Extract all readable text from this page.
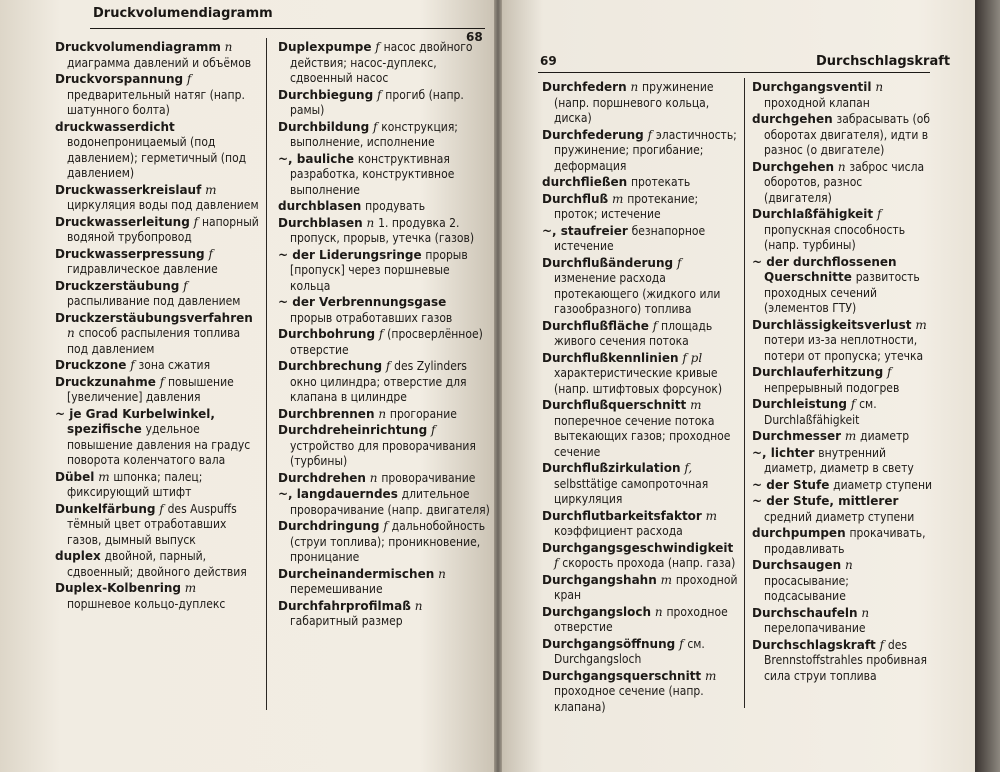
Druckvolumendiagramm
68
Druckvolumendiagramm n диаграмма давлений и объёмов
Druckvorspannung f предварительный натяг (напр. шатунного болта)
druckwasserdicht водонепроницаемый (под давлением); герметичный (под давлением)
Druckwasserkreislauf m циркуляция воды под давлением
Druckwasserleitung f напорный водяной трубопровод
Druckwasserpressung f гидравлическое давление
Druckzerstäubung f распыливание под давлением
Druckzerstäubungsverfahren n способ распыления топлива под давлением
Druckzone f зона сжатия
Druckzunahme f повышение [увеличение] давления
~ je Grad Kurbelwinkel, spezifische удельное повышение давления на градус поворота коленчатого вала
Dübel m шпонка; палец; фиксирующий штифт
Dunkelfärbung f des Auspuffs тёмный цвет отработавших газов, дымный выпуск
duplex двойной, парный, сдвоенный; двойного действия
Duplex-Kolbenring m поршневое кольцо-дуплекс
Duplexpumpe f насос двойного действия; насос-дуплекс, сдвоенный насос
Durchbiegung f прогиб (напр. рамы)
Durchbildung f конструкция; выполнение, исполнение
~, bauliche конструктивная разработка, конструктивное выполнение
durchblasen продувать
Durchblasen n 1. продувка 2. пропуск, прорыв, утечка (газов)
~ der Liderungsringe прорыв [пропуск] через поршневые кольца
~ der Verbrennungsgase прорыв отработавших газов
Durchbohrung f (просверлённое) отверстие
Durchbrechung f des Zylinders окно цилиндра; отверстие для клапана в цилиндре
Durchbrennen n прогорание
Durchdreheinrichtung f устройство для проворачивания (турбины)
Durchdrehen n проворачивание
~, langdauerndes длительное проворачивание (напр. двигателя)
Durchdringung f дальнобойность (струи топлива); проникновение, проницание
Durcheinandermischen n перемешивание
Durchfahrprofilmaß n габаритный размер
69	Durchschlagskraft
Durchfedern n пружинение (напр. поршневого кольца, диска)
Durchfederung f эластичность; пружинение; прогибание; деформация
durchfließen протекать
Durchfluß m протекание; проток; истечение
~, staufreier безнапорное истечение
Durchflußänderung f изменение расхода протекающего (жидкого или газообразного) топлива
Durchflußfläche f площадь живого сечения потока
Durchflußkennlinien f pl характеристические кривые (напр. штифтовых форсунок)
Durchflußquerschnitt m поперечное сечение потока вытекающих газов; проходное сечение
Durchflußzirkulation f, selbsttätige самопроточная циркуляция
Durchflutbarkeitsfaktor m коэффициент расхода
Durchgangsgeschwindigkeit f скорость прохода (напр. газа)
Durchgangshahn m проходной кран
Durchgangsloch n проходное отверстие
Durchgangsöffnung f см. Durchgangsloch
Durchgangsquerschnitt m проходное сечение (напр. клапана)
Durchgangsventil n проходной клапан
durchgehen забрасывать (об оборотах двигателя), идти в разнос (о двигателе)
Durchgehen n заброс числа оборотов, разнос (двигателя)
Durchlaßfähigkeit f пропускная способность (напр. турбины)
~ der durchflossenen Querschnitte развитость проходных сечений (элементов ГТУ)
Durchlässigkeitsverlust m потери из-за неплотности, потери от пропуска; утечка
Durchlauferhitzung f непрерывный подогрев
Durchleistung f см. Durchlaßfähigkeit
Durchmesser m диаметр
~, lichter внутренний диаметр, диаметр в свету
~ der Stufe диаметр ступени
~ der Stufe, mittlerer средний диаметр ступени
durchpumpen прокачивать, продавливать
Durchsaugen n просасывание; подсасывание
Durchschaufeln n перелопачивание
Durchschlagskraft f des Brennstoffstrahles пробивная сила струи топлива
